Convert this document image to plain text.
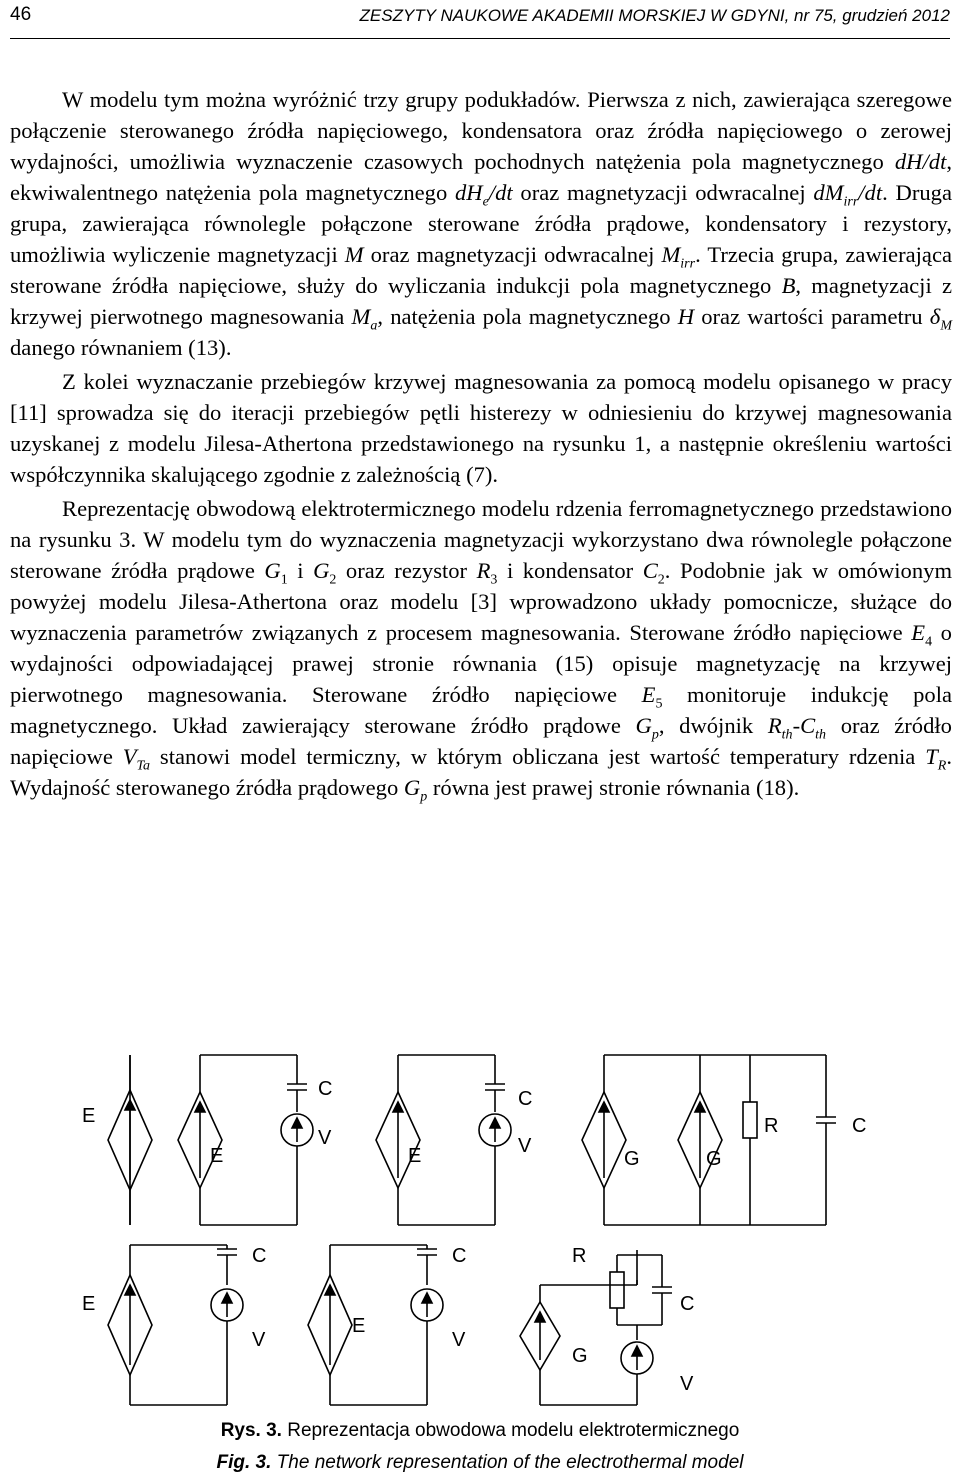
46	ZESZYTY NAUKOWE AKADEMII MORSKIEJ W GDYNI, nr 75, grudzień 2012

W modelu tym można wyróżnić trzy grupy podukładów. Pierwsza z nich, zawierająca szeregowe połączenie sterowanego źródła napięciowego, kondensatora oraz źródła napięciowego o zerowej wydajności, umożliwia wyznaczenie czasowych pochodnych natężenia pola magnetycznego dH/dt, ekwiwalentnego natężenia pola magnetycznego $dH_e/dt$ oraz magnetyzacji odwracalnej $dM_{irr}/dt$. Druga grupa, zawierająca równolegle połączone sterowane źródła prądowe, kondensatory i rezystory, umożliwia wyliczenie magnetyzacji M oraz magnetyzacji odwracalnej $M_{irr}$. Trzecia grupa, zawierająca sterowane źródła napięciowe, służy do wyliczania indukcji pola magnetycznego B, magnetyzacji z krzywej pierwotnego magnesowania $M_a$, natężenia pola magnetycznego H oraz wartości parametru $\delta_M$ danego równaniem (13).

Z kolei wyznaczanie przebiegów krzywej magnesowania za pomocą modelu opisanego w pracy [11] sprowadza się do iteracji przebiegów pętli histerezy w odniesieniu do krzywej magnesowania uzyskanej z modelu Jilesa-Athertona przedstawionego na rysunku 1, a następnie określeniu wartości współczynnika skalującego zgodnie z zależnością (7).

Reprezentację obwodową elektrotermicznego modelu rdzenia ferromagnetycznego przedstawiono na rysunku 3. W modelu tym do wyznaczenia magnetyzacji wykorzystano dwa równolegle połączone sterowane źródła prądowe $G_1$ i $G_2$ oraz rezystor $R_3$ i kondensator $C_2$. Podobnie jak w omówionym powyżej modelu Jilesa-Athertona oraz modelu [3] wprowadzono układy pomocnicze, służące do wyznaczenia parametrów związanych z procesem magnesowania. Sterowane źródło napięciowe $E_4$ o wydajności odpowiadającej prawej stronie równania (15) opisuje magnetyzację na krzywej pierwotnego magnesowania. Sterowane źródło napięciowe $E_5$ monitoruje indukcję pola magnetycznego. Układ zawierający sterowane źródło prądowe $G_p$, dwójnik $R_{th}-C_{th}$ oraz źródło napięciowe $V_{Ta}$ stanowi model termiczny, w którym obliczana jest wartość temperatury rdzenia $T_R$. Wydajność sterowanego źródła prądowego $G_p$ równa jest prawej stronie równania (18).

E
E
C
V
E
C
V
G	G
R	C
E
C
V
E
C
V
G
R
C
V
Rys. 3. Reprezentacja obwodowa modelu elektrotermicznego
Fig. 3. The network representation of the electrothermal model
